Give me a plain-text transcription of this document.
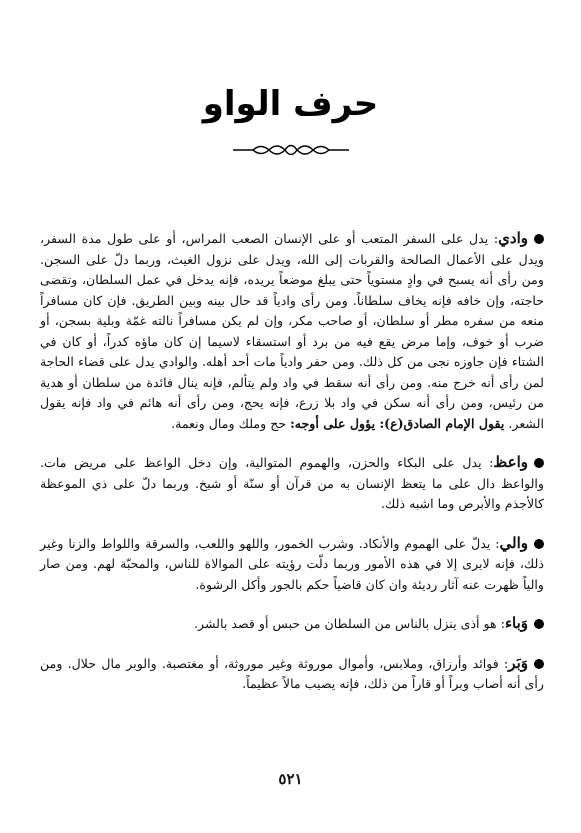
حرف الواو

وادي: يدل على السفر المتعب أو على الإنسان الصعب المراس، أو على طول مدة السفر، ويدل على الأعمال الصالحة والقربات إلى الله، ويدل على نزول الغيث، وربما دلّ على السجن. ومن رأى أنه يسبح في وادٍ مستوياً حتى يبلغ موضعاً يريده، فإنه يدخل في عمل السلطان، وتقضى حاجته، وإن خافه فإنه يخاف سلطاناً. ومن رأى وادياً قد حال بينه وبين الطريق. فإن كان مسافراً منعه من سفره مطر أو سلطان، أو صاحب مكر، وإن لم يكن مسافراً نالته غمّة وبلية بسجن، أو ضرب أو خوف، وإما مرض يقع فيه من برد أو استسقاء لاسيما إن كان ماؤه كدراً، أو كان في الشتاء فإن جاوزه نجى من كل ذلك. ومن حفر وادياً مات أحد أهله. والوادي يدل على قضاء الحاجة لمن رأى أنه خرج منه. ومن رأى أنه سقط في واد ولم يتألم، فإنه ينال فائدة من سلطان أو هدية من رئيس، ومن رأى أنه سكن في واد بلا زرع، فإنه يحج، ومن رأى أنه هائم في واد فإنه يقول الشعر. يقول الإمام الصادق(ع): يؤول على أوجه: حج وملك ومال ونعمة.

واعظ: يدل على البكاء والحزن، والهموم المتوالية، وإن دخل الواعظ على مريض مات. والواعظ دال على ما يتعظ الإنسان به من قرآن أو سنّة أو شيخ. وربما دلّ على ذي الموعظة كالأجذم والأبرص وما اشبه ذلك.

والي: يدلّ على الهموم والأنكاد. وشرب الخمور، واللهو واللعب، والسرقة واللواط والزنا وغير ذلك، فإنه لايرى إلا في هذه الأمور وربما دلّت رؤيته على الموالاة للناس، والمحبّة لهم. ومن صار والياً ظهرت عنه آثار رديئة وان كان قاضياً حكم بالجور وأكل الرشوة.

وَباء: هو أذى ينزل بالناس من السلطان من حبس أو قصد بالشر.

وَبَر: فوائد وأرزاق، وملابس، وأموال موروثة وغير موروثة، أو مغتصبة. والوبر مال حلال. ومن رأى أنه أصاب وبراً أو قاراً من ذلك، فإنه يصيب مالاً عظيماً.

٥٢١
